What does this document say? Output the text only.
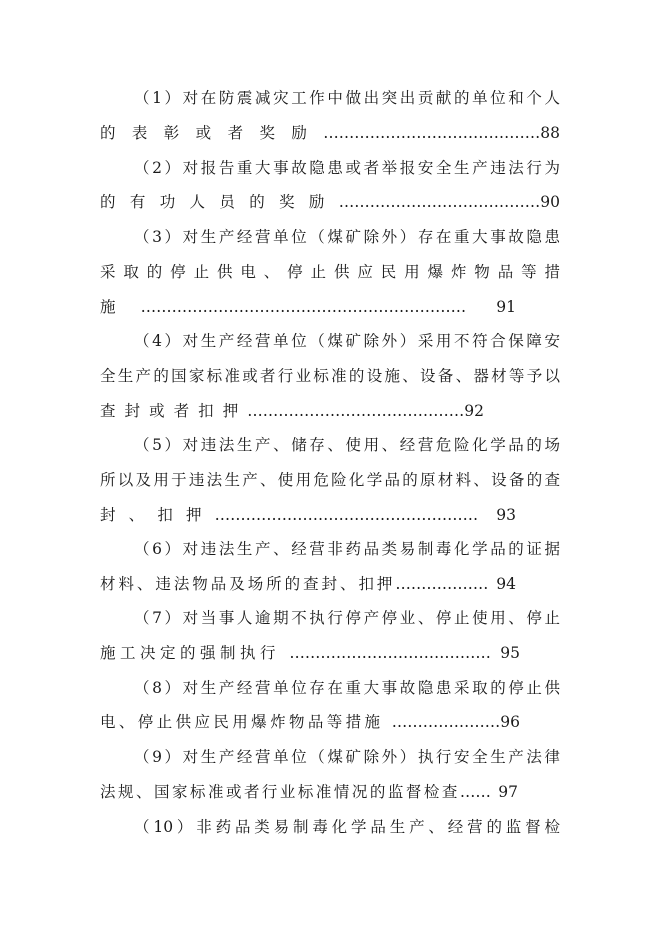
（1）对在防震减灾工作中做出突出贡献的单位和个人
的表彰或者奖励……………………………………88
（2）对报告重大事故隐患或者举报安全生产违法行为
的有功人员的奖励…………………………………90
（3）对生产经营单位（煤矿除外）存在重大事故隐患
采取的停止供电、停止供应民用爆炸物品等措
施……………………………………………………… 91
（4）对生产经营单位（煤矿除外）采用不符合保障安
全生产的国家标准或者行业标准的设施、设备、器材等予以
查封或者扣押……………………………………92
（5）对违法生产、储存、使用、经营危险化学品的场
所以及用于违法生产、使用危险化学品的原材料、设备的查
封、扣押…………………………………………… 93
（6）对违法生产、经营非药品类易制毒化学品的证据
材料、违法物品及场所的查封、扣押……………… 94
（7）对当事人逾期不执行停产停业、停止使用、停止
施工决定的强制执行 ………………………………… 95
（8）对生产经营单位存在重大事故隐患采取的停止供
电、停止供应民用爆炸物品等措施 …………………96
（9）对生产经营单位（煤矿除外）执行安全生产法律
法规、国家标准或者行业标准情况的监督检查…… 97
（10）非药品类易制毒化学品生产、经营的监督检
